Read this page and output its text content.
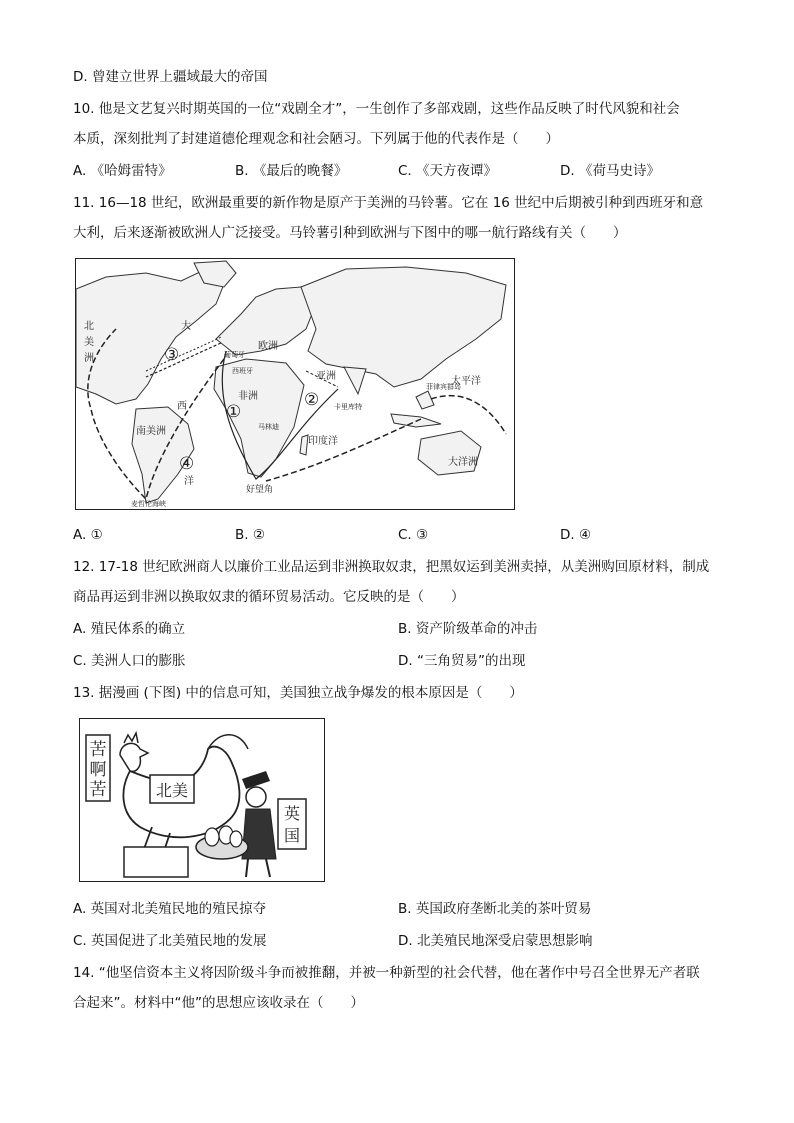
D. 曾建立世界上疆域最大的帝国
10. 他是文艺复兴时期英国的一位“戏剧全才”，一生创作了多部戏剧，这些作品反映了时代风貌和社会
本质，深刻批判了封建道德伦理观念和社会陋习。下列属于他的代表作是（　　）
A. 《哈姆雷特》	B. 《最后的晚餐》	C. 《天方夜谭》	D. 《荷马史诗》
11. 16—18 世纪，欧洲最重要的新作物是原产于美洲的马铃薯。它在 16 世纪中后期被引种到西班牙和意
大利，后来逐渐被欧洲人广泛接受。马铃薯引种到欧洲与下图中的哪一航行路线有关（　　）
北
美
洲
大
西
洋
欧洲
葡萄牙
西班牙
非洲
亚洲
南美洲
太平洋
印度洋
大洋洲
菲律宾群岛
卡里库特
马林迪
好望角
麦哲伦海峡
①
②
③
④
A. ①	B. ②	C. ③	D. ④
12. 17-18 世纪欧洲商人以廉价工业品运到非洲换取奴隶，把黑奴运到美洲卖掉，从美洲购回原材料，制成
商品再运到非洲以换取奴隶的循环贸易活动。它反映的是（　　）
A. 殖民体系的确立	B. 资产阶级革命的冲击
C. 美洲人口的膨胀	D. “三角贸易”的出现
13. 据漫画 (下图) 中的信息可知，美国独立战争爆发的根本原因是（　　）
苦
啊
苦	北美
英
国
A. 英国对北美殖民地的殖民掠夺	B. 英国政府垄断北美的茶叶贸易
C. 英国促进了北美殖民地的发展	D. 北美殖民地深受启蒙思想影响
14. “他坚信资本主义将因阶级斗争而被推翻，并被一种新型的社会代替，他在著作中号召全世界无产者联
合起来”。材料中“他”的思想应该收录在（　　）
